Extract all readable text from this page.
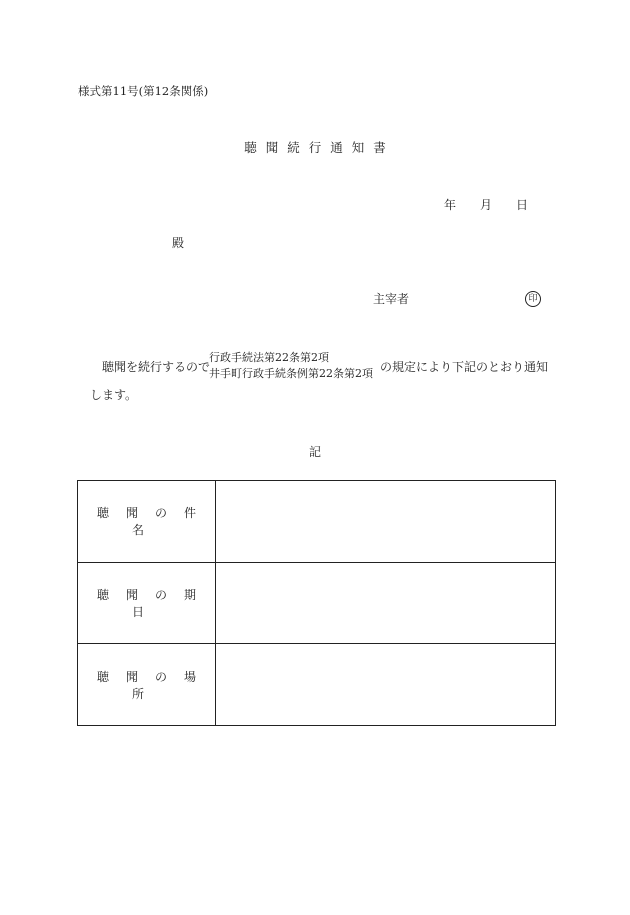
様式第11号(第12条関係)
聴聞続行通知書
年 月 日
殿
主宰者	印
聴聞を続行するので
行政手続法第22条第2項
井手町行政手続条例第22条第2項 の規定により下記のとおり通知
します。
記
聴聞の件名	
聴聞の期日	
聴聞の場所	
